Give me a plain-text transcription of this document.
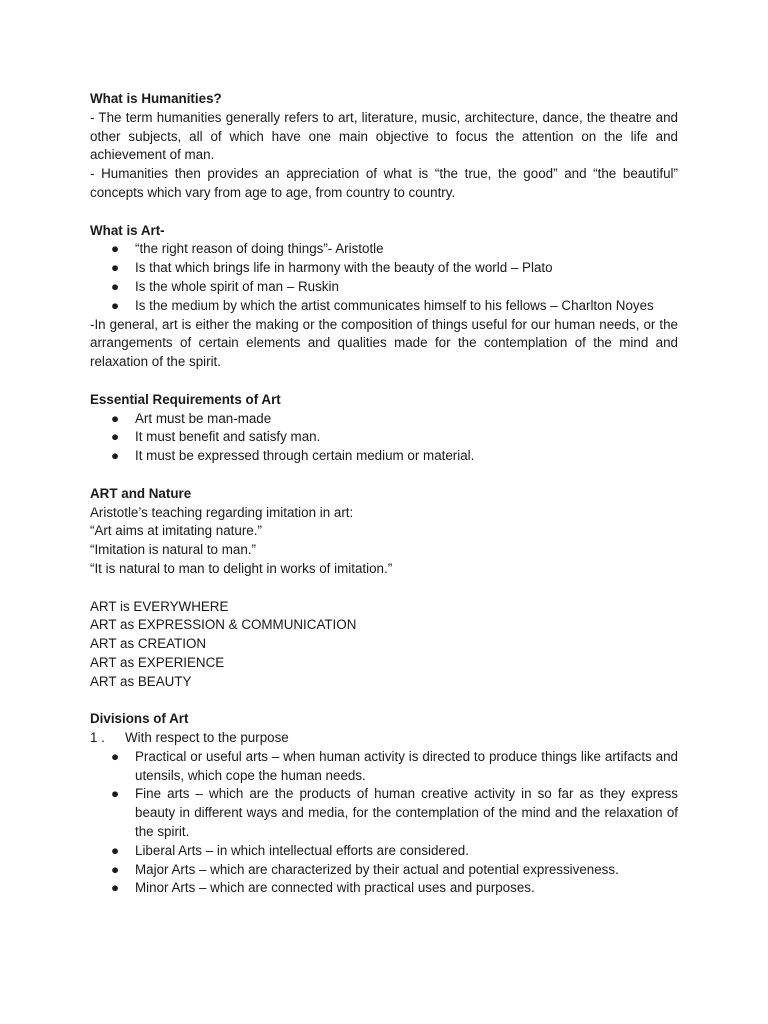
What is Humanities?

- The term humanities generally refers to art, literature, music, architecture, dance, the theatre and other subjects, all of which have one main objective to focus the attention on the life and achievement of man.

- Humanities then provides an appreciation of what is “the true, the good” and “the beautiful” concepts which vary from age to age, from country to country.

What is Art-

● “the right reason of doing things”- Aristotle
● Is that which brings life in harmony with the beauty of the world – Plato
● Is the whole spirit of man – Ruskin
● Is the medium by which the artist communicates himself to his fellows – Charlton Noyes

-In general, art is either the making or the composition of things useful for our human needs, or the arrangements of certain elements and qualities made for the contemplation of the mind and relaxation of the spirit.

Essential Requirements of Art

● Art must be man-made
● It must benefit and satisfy man.
● It must be expressed through certain medium or material.

ART and Nature

Aristotle’s teaching regarding imitation in art:

“Art aims at imitating nature.”

“Imitation is natural to man.”

“It is natural to man to delight in works of imitation.”

ART is EVERYWHERE

ART as EXPRESSION & COMMUNICATION

ART as CREATION

ART as EXPERIENCE

ART as BEAUTY

Divisions of Art

1 . With respect to the purpose

● Practical or useful arts – when human activity is directed to produce things like artifacts and utensils, which cope the human needs.
● Fine arts – which are the products of human creative activity in so far as they express beauty in different ways and media, for the contemplation of the mind and the relaxation of the spirit.
● Liberal Arts – in which intellectual efforts are considered.
● Major Arts – which are characterized by their actual and potential expressiveness.
● Minor Arts – which are connected with practical uses and purposes.
